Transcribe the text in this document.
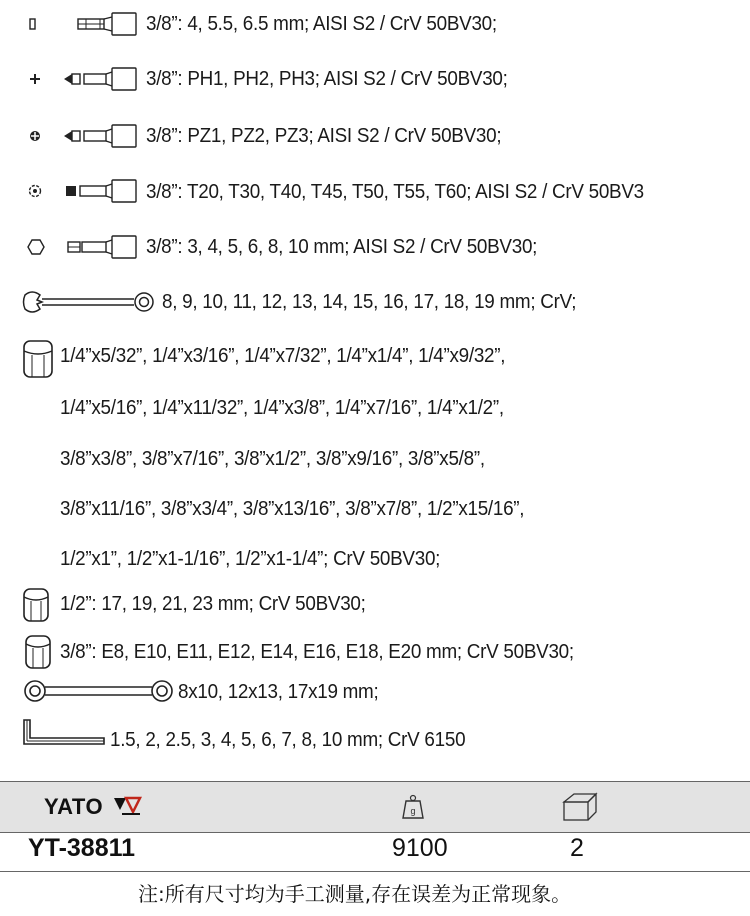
3/8”: 4, 5.5, 6.5 mm; AISI S2 / CrV 50BV30;
3/8”: PH1, PH2, PH3; AISI S2 / CrV 50BV30;
3/8”: PZ1, PZ2, PZ3; AISI S2 / CrV 50BV30;
3/8”: T20, T30, T40, T45, T50, T55, T60; AISI S2 / CrV 50BV3
3/8”: 3, 4, 5, 6, 8, 10 mm; AISI S2 / CrV 50BV30;
8, 9, 10, 11, 12, 13, 14, 15, 16, 17, 18, 19 mm; CrV;
1/4”x5/32”, 1/4”x3/16”, 1/4”x7/32”, 1/4”x1/4”, 1/4”x9/32”,
1/4”x5/16”, 1/4”x11/32”, 1/4”x3/8”, 1/4”x7/16”, 1/4”x1/2”,
3/8”x3/8”, 3/8”x7/16”, 3/8”x1/2”, 3/8”x9/16”, 3/8”x5/8”,
3/8”x11/16”, 3/8”x3/4”, 3/8”x13/16”, 3/8”x7/8”, 1/2”x15/16”,
1/2”x1”, 1/2”x1-1/16”, 1/2”x1-1/4”; CrV 50BV30;
1/2”: 17, 19, 21, 23 mm; CrV 50BV30;
3/8”: E8, E10, E11, E12, E14, E16, E18, E20 mm; CrV 50BV30;
8x10, 12x13, 17x19 mm;
1.5, 2, 2.5, 3, 4, 5, 6, 7, 8, 10 mm; CrV 6150
YATO	g
YT-38811	9100	2
注:所有尺寸均为手工测量,存在误差为正常现象。
